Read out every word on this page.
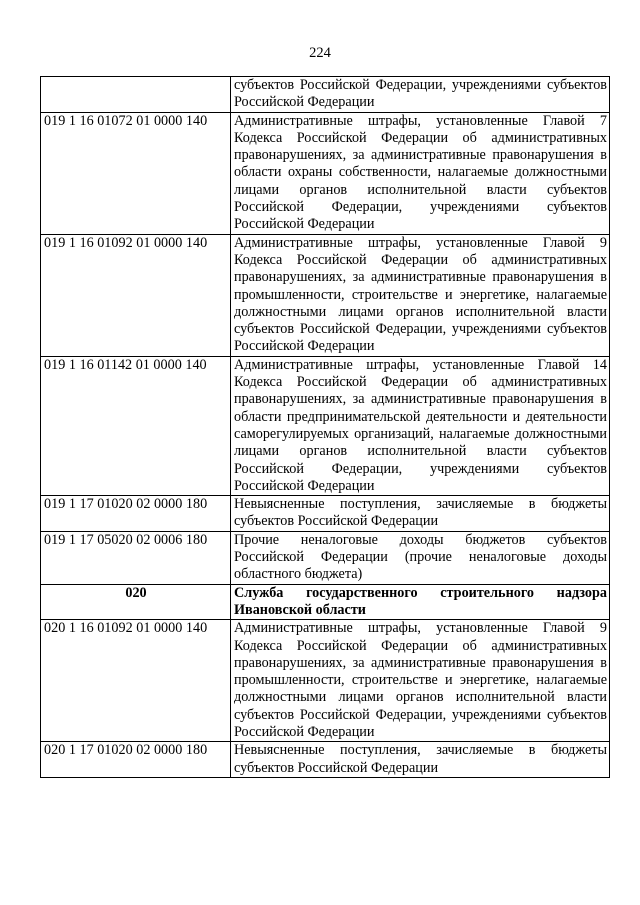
224
	субъектов Российской Федерации, учреждениями субъектов Российской Федерации
019 1 16 01072 01 0000 140	Административные штрафы, установленные Главой 7 Кодекса Российской Федерации об административных правонарушениях, за административные правонарушения в области охраны собственности, налагаемые должностными лицами органов исполнительной власти субъектов Российской Федерации, учреждениями субъектов Российской Федерации
019 1 16 01092 01 0000 140	Административные штрафы, установленные Главой 9 Кодекса Российской Федерации об административных правонарушениях, за административные правонарушения в промышленности, строительстве и энергетике, налагаемые должностными лицами органов исполнительной власти субъектов Российской Федерации, учреждениями субъектов Российской Федерации
019 1 16 01142 01 0000 140	Административные штрафы, установленные Главой 14 Кодекса Российской Федерации об административных правонарушениях, за административные правонарушения в области предпринимательской деятельности и деятельности саморегулируемых организаций, налагаемые должностными лицами органов исполнительной власти субъектов Российской Федерации, учреждениями субъектов Российской Федерации
019 1 17 01020 02 0000 180	Невыясненные поступления, зачисляемые в бюджеты субъектов Российской Федерации
019 1 17 05020 02 0006 180	Прочие неналоговые доходы бюджетов субъектов Российской Федерации (прочие неналоговые доходы областного бюджета)
020	Служба государственного строительного надзора Ивановской области
020 1 16 01092 01 0000 140	Административные штрафы, установленные Главой 9 Кодекса Российской Федерации об административных правонарушениях, за административные правонарушения в промышленности, строительстве и энергетике, налагаемые должностными лицами органов исполнительной власти субъектов Российской Федерации, учреждениями субъектов Российской Федерации
020 1 17 01020 02 0000 180	Невыясненные поступления, зачисляемые в бюджеты субъектов Российской Федерации
